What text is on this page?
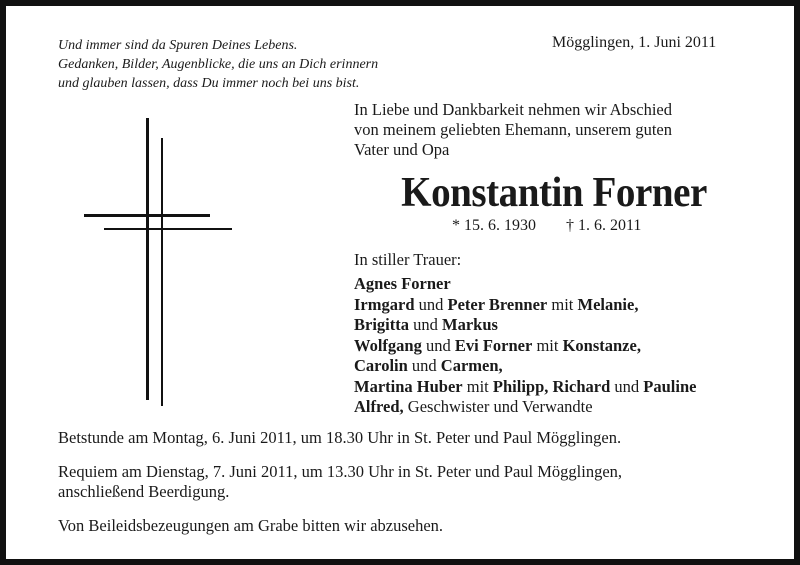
Und immer sind da Spuren Deines Lebens.
Gedanken, Bilder, Augenblicke, die uns an Dich erinnern
und glauben lassen, dass Du immer noch bei uns bist.
Mögglingen, 1. Juni 2011
In Liebe und Dankbarkeit nehmen wir Abschied
von meinem geliebten Ehemann, unserem guten
Vater und Opa
Konstantin Forner
* 15. 6. 1930 † 1. 6. 2011
In stiller Trauer:
Agnes Forner
Irmgard und Peter Brenner mit Melanie,
Brigitta und Markus
Wolfgang und Evi Forner mit Konstanze,
Carolin und Carmen,
Martina Huber mit Philipp, Richard und Pauline
Alfred, Geschwister und Verwandte
Betstunde am Montag, 6. Juni 2011, um 18.30 Uhr in St. Peter und Paul Mögglingen.
Requiem am Dienstag, 7. Juni 2011, um 13.30 Uhr in St. Peter und Paul Mögglingen,
anschließend Beerdigung.
Von Beileidsbezeugungen am Grabe bitten wir abzusehen.
